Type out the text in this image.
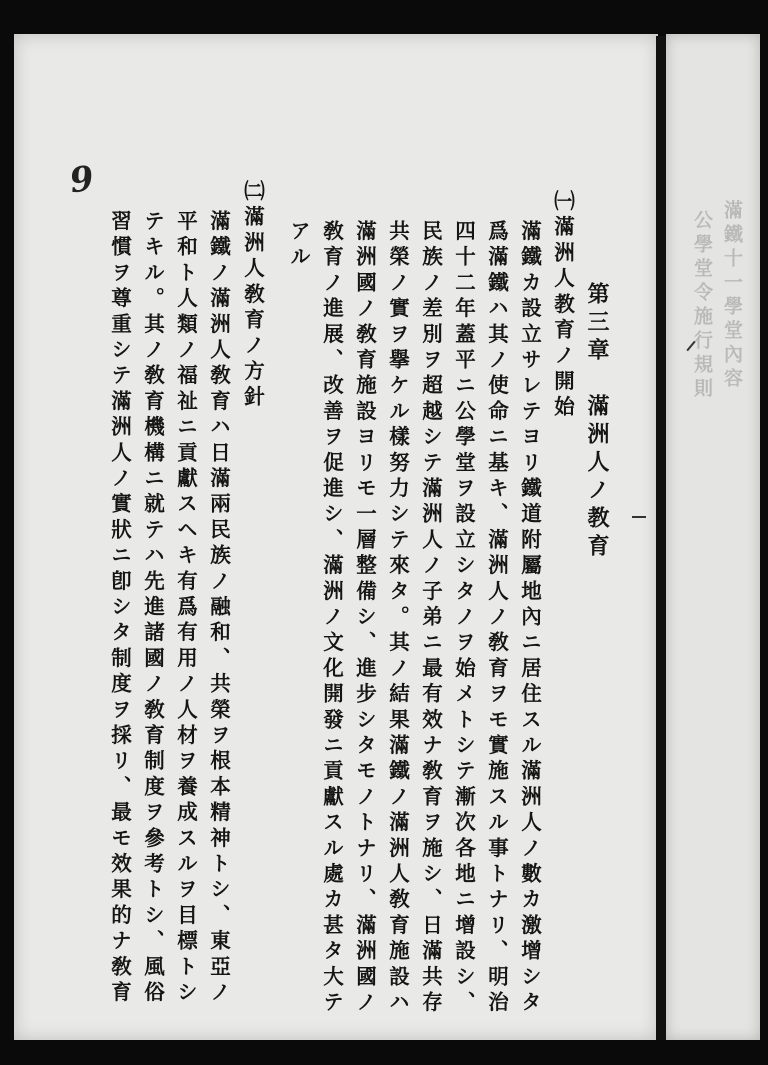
滿鐵十一學堂內容
公學堂令施行規則
9
第三章　滿洲人ノ教育
㈠滿洲人教育ノ開始
滿鐵カ設立サレテヨリ鐵道附屬地內ニ居住スル滿洲人ノ數カ激增シタ
爲滿鐵ハ其ノ使命ニ基キ、滿洲人ノ敎育ヲモ實施スル事トナリ、明治
四十二年蓋平ニ公學堂ヲ設立シタノヲ始メトシテ漸次各地ニ增設シ、
民族ノ差別ヲ超越シテ滿洲人ノ子弟ニ最有效ナ敎育ヲ施シ、日滿共存
共榮ノ實ヲ擧ケル樣努力シテ來タ。其ノ結果滿鐵ノ滿洲人敎育施設ハ
滿洲國ノ敎育施設ヨリモ一層整備シ、進步シタモノトナリ、滿洲國ノ
敎育ノ進展、改善ヲ促進シ、滿洲ノ文化開發ニ貢獻スル處カ甚タ大テ
アル
㈡滿洲人敎育ノ方針
滿鐵ノ滿洲人敎育ハ日滿兩民族ノ融和、共榮ヲ根本精神トシ、東亞ノ
平和ト人類ノ福祉ニ貢獻スヘキ有爲有用ノ人材ヲ養成スルヲ目標トシ
テキル。其ノ敎育機構ニ就テハ先進諸國ノ敎育制度ヲ參考トシ、風俗
習慣ヲ尊重シテ滿洲人ノ實狀ニ卽シタ制度ヲ採リ、最モ效果的ナ敎育
